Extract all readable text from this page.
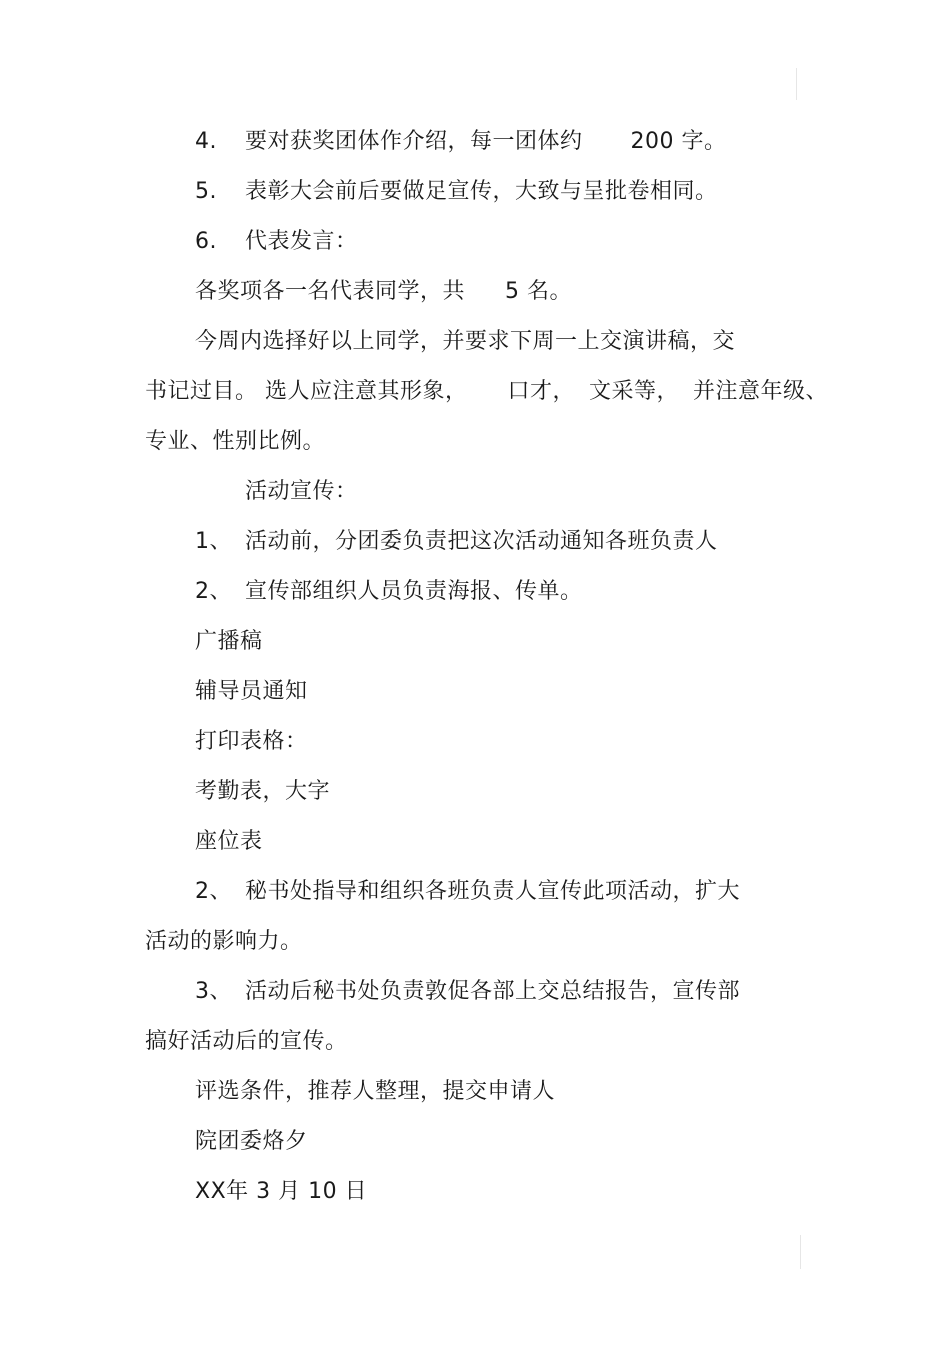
4. 要对获奖团体作介绍，每一团体约 200 字。
5. 表彰大会前后要做足宣传，大致与呈批卷相同。
6. 代表发言：
各奖项各一名代表同学，共 5 名。
今周内选择好以上同学，并要求下周一上交演讲稿，交
书记过目。 选人应注意其形象， 口才， 文采等， 并注意年级、
专业、性别比例。
活动宣传：
1、 活动前，分团委负责把这次活动通知各班负责人
2、 宣传部组织人员负责海报、传单。
广播稿
辅导员通知
打印表格：
考勤表，大字
座位表
2、 秘书处指导和组织各班负责人宣传此项活动，扩大
活动的影响力。
3、 活动后秘书处负责敦促各部上交总结报告，宣传部
搞好活动后的宣传。
评选条件，推荐人整理，提交申请人
院团委烙夕
XX年 3 月 10 日
